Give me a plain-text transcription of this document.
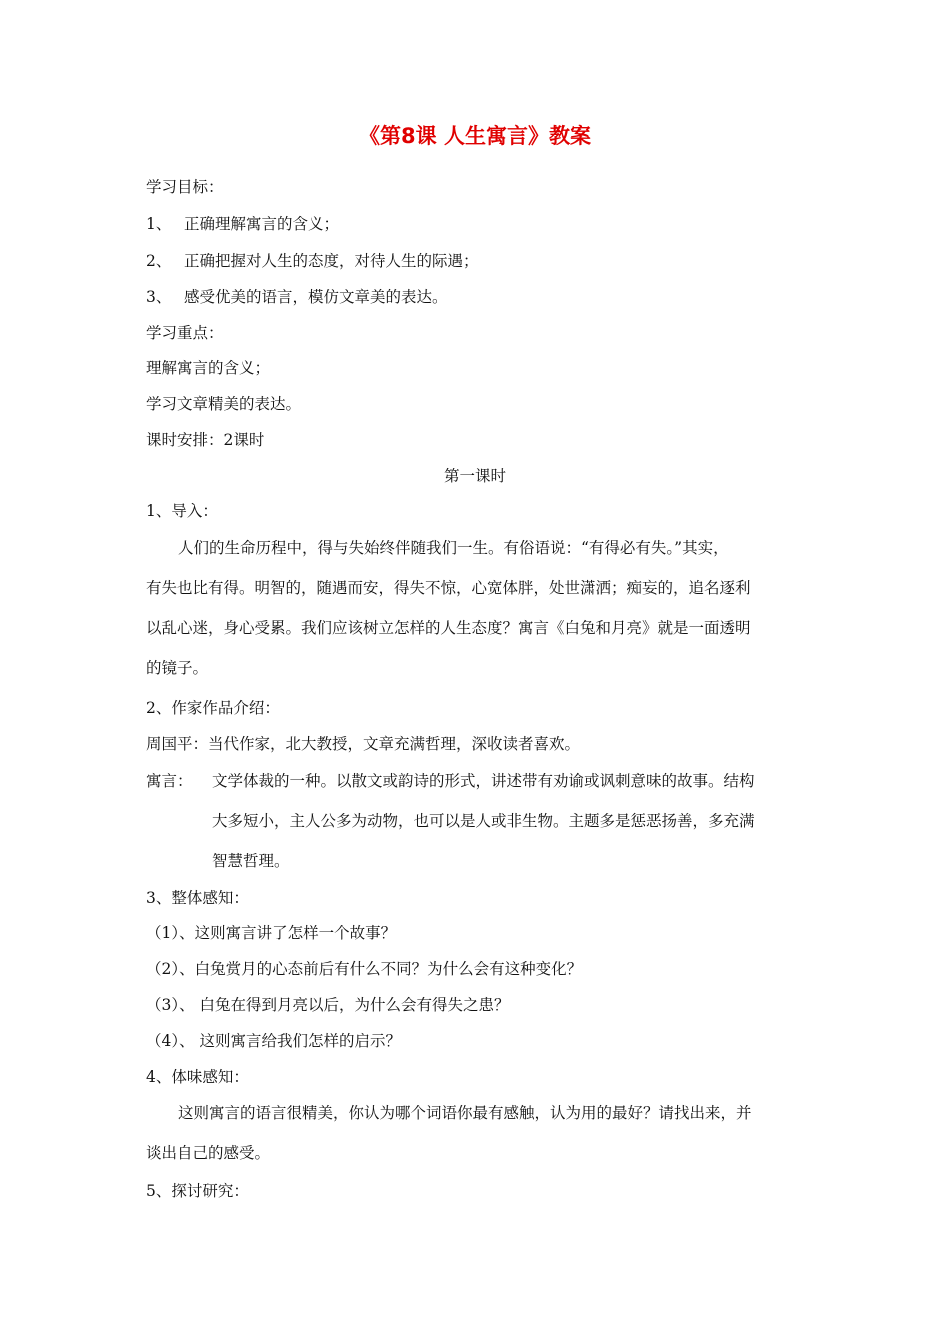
《第8课 人生寓言》教案
学习目标：
1、 正确理解寓言的含义；
2、 正确把握对人生的态度，对待人生的际遇；
3、 感受优美的语言，模仿文章美的表达。
学习重点：
理解寓言的含义；
学习文章精美的表达。
课时安排：2课时
第一课时
1、导入：
人们的生命历程中，得与失始终伴随我们一生。有俗语说：“有得必有失。”其实，
有失也比有得。明智的，随遇而安，得失不惊，心宽体胖，处世潇洒；痴妄的，追名逐利
以乱心迷，身心受累。我们应该树立怎样的人生态度？寓言《白兔和月亮》就是一面透明
的镜子。
2、作家作品介绍：
周国平：当代作家，北大教授，文章充满哲理，深收读者喜欢。
寓言： 文学体裁的一种。以散文或韵诗的形式，讲述带有劝谕或讽刺意味的故事。结构
大多短小，主人公多为动物，也可以是人或非生物。主题多是惩恶扬善，多充满
智慧哲理。
3、整体感知：
（1）、这则寓言讲了怎样一个故事？
（2）、白兔赏月的心态前后有什么不同？为什么会有这种变化？
（3）、 白兔在得到月亮以后，为什么会有得失之患？
（4）、 这则寓言给我们怎样的启示？
4、体味感知：
这则寓言的语言很精美，你认为哪个词语你最有感触，认为用的最好？请找出来，并
谈出自己的感受。
5、探讨研究：
